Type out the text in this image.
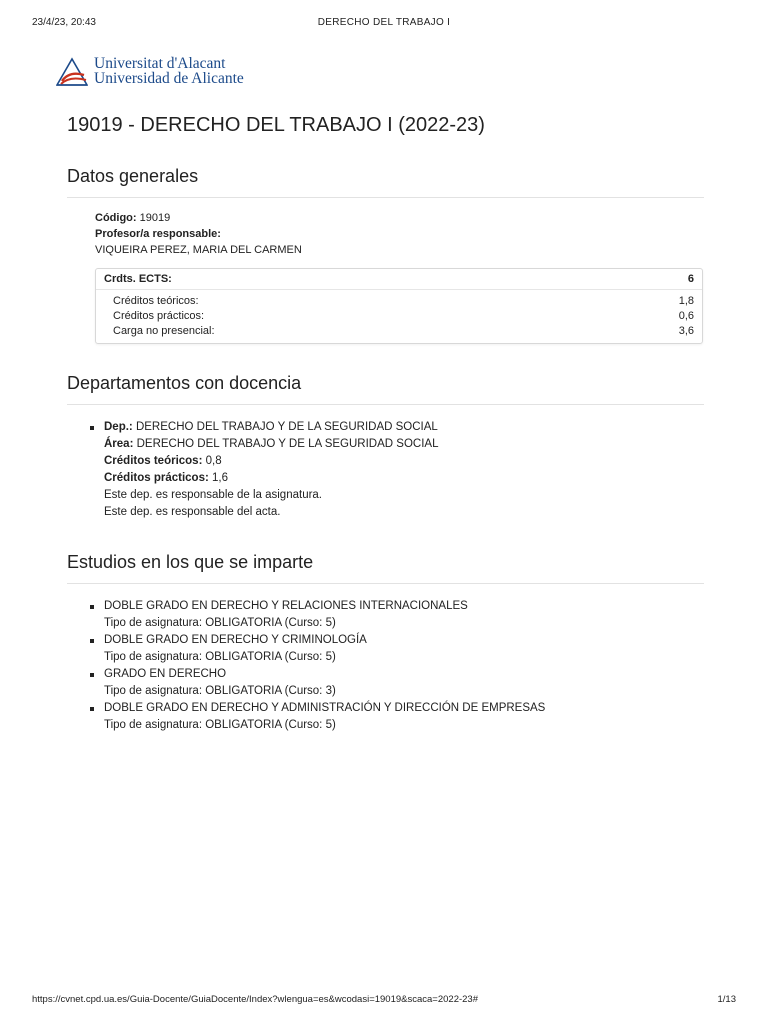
23/4/23, 20:43	DERECHO DEL TRABAJO I
Universitat d'Alacant
Universidad de Alicante
19019 - DERECHO DEL TRABAJO I (2022-23)
Datos generales
Código: 19019
Profesor/a responsable:
VIQUEIRA PEREZ, MARIA DEL CARMEN
Crdts. ECTS:	6
Créditos teóricos:	1,8
Créditos prácticos:	0,6
Carga no presencial:	3,6
Departamentos con docencia
Dep.: DERECHO DEL TRABAJO Y DE LA SEGURIDAD SOCIAL
Área: DERECHO DEL TRABAJO Y DE LA SEGURIDAD SOCIAL
Créditos teóricos: 0,8
Créditos prácticos: 1,6
Este dep. es responsable de la asignatura.
Este dep. es responsable del acta.
Estudios en los que se imparte
DOBLE GRADO EN DERECHO Y RELACIONES INTERNACIONALES
Tipo de asignatura: OBLIGATORIA (Curso: 5)
DOBLE GRADO EN DERECHO Y CRIMINOLOGÍA
Tipo de asignatura: OBLIGATORIA (Curso: 5)
GRADO EN DERECHO
Tipo de asignatura: OBLIGATORIA (Curso: 3)
DOBLE GRADO EN DERECHO Y ADMINISTRACIÓN Y DIRECCIÓN DE EMPRESAS
Tipo de asignatura: OBLIGATORIA (Curso: 5)
https://cvnet.cpd.ua.es/Guia-Docente/GuiaDocente/Index?wlengua=es&wcodasi=19019&scaca=2022-23#	1/13
